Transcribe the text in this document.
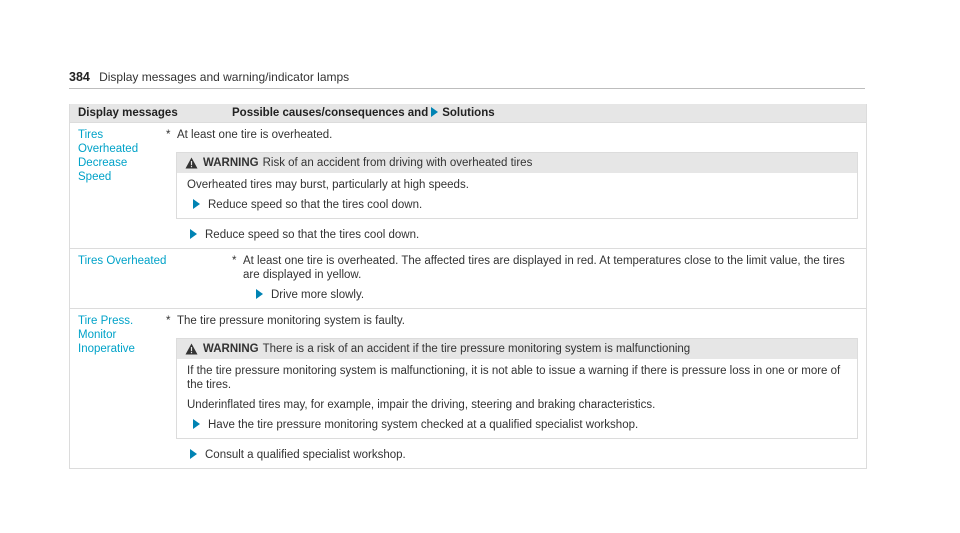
384 Display messages and warning/indicator lamps
Display messages	Possible causes/consequences and Solutions
Tires Overheated Decrease Speed
* At least one tire is overheated.
WARNING Risk of an accident from driving with overheated tires

Overheated tires may burst, particularly at high speeds.

Reduce speed so that the tires cool down.
Reduce speed so that the tires cool down.
Tires Overheated	* At least one tire is overheated. The affected tires are displayed in red. At temperatures close to the limit value, the tires are displayed in yellow.
Drive more slowly.
Tire Press. Monitor Inoperative
* The tire pressure monitoring system is faulty.
WARNING There is a risk of an accident if the tire pressure monitoring system is malfunctioning

If the tire pressure monitoring system is malfunctioning, it is not able to issue a warning if there is pressure loss in one or more of the tires.

Underinflated tires may, for example, impair the driving, steering and braking characteristics.

Have the tire pressure monitoring system checked at a qualified specialist workshop.
Consult a qualified specialist workshop.
